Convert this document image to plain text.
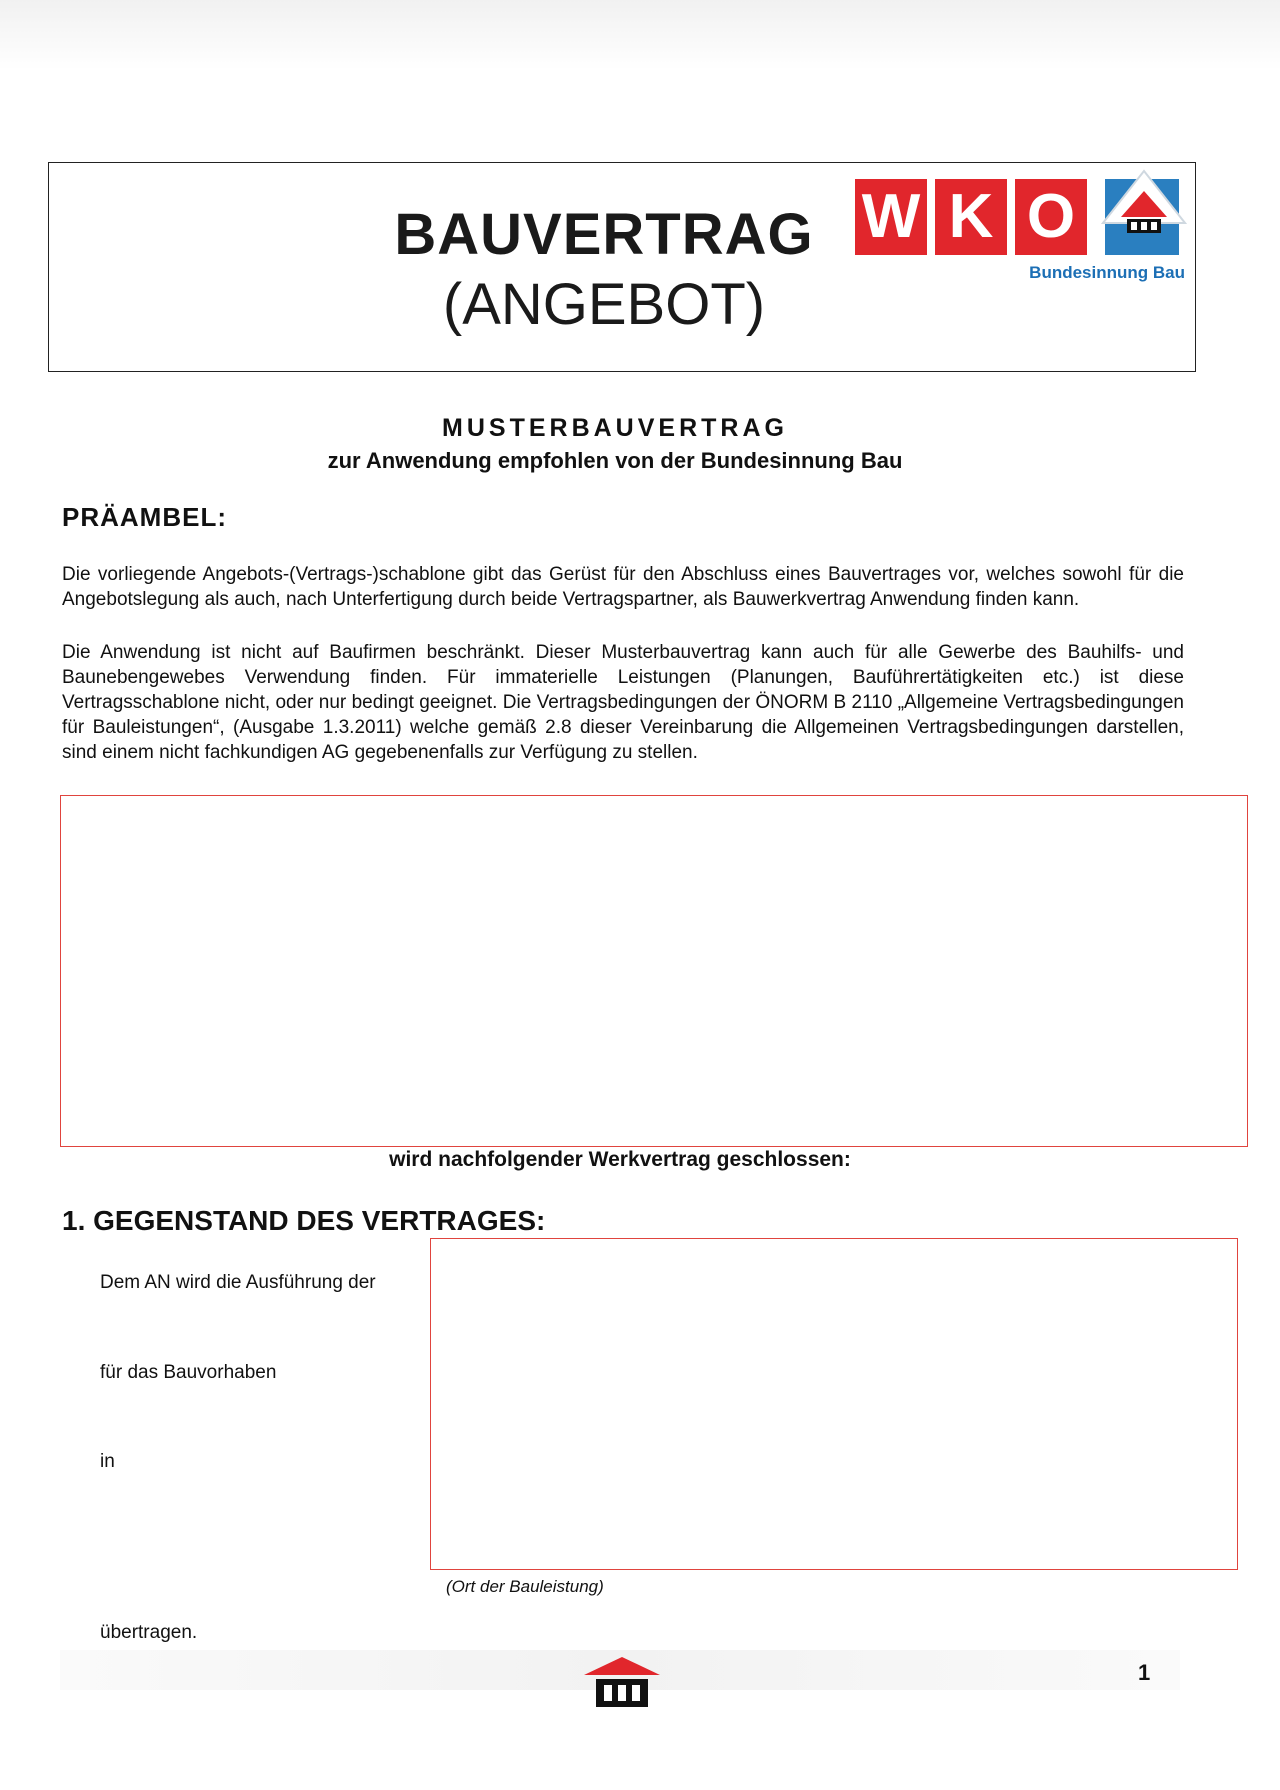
BAUVERTRAG
(ANGEBOT)
W K O
Bundesinnung Bau
MUSTERBAUVERTRAG
zur Anwendung empfohlen von der Bundesinnung Bau
PRÄAMBEL:
Die vorliegende Angebots-(Vertrags-)schablone gibt das Gerüst für den Abschluss eines Bauvertrages vor, welches sowohl für die Angebotslegung als auch, nach Unterfertigung durch beide Vertragspartner, als Bauwerkvertrag Anwendung finden kann.
Die Anwendung ist nicht auf Baufirmen beschränkt. Dieser Musterbauvertrag kann auch für alle Gewerbe des Bauhilfs- und Baunebengewebes Verwendung finden. Für immaterielle Leistungen (Planungen, Bauführertätigkeiten etc.) ist diese Vertragsschablone nicht, oder nur bedingt geeignet. Die Vertragsbedingungen der ÖNORM B 2110 „Allgemeine Vertragsbedingungen für Bauleistungen“, (Ausgabe 1.3.2011) welche gemäß 2.8 dieser Vereinbarung die Allgemeinen Vertragsbedingungen darstellen, sind einem nicht fachkundigen AG gegebenenfalls zur Verfügung zu stellen.
wird nachfolgender Werkvertrag geschlossen:
1. GEGENSTAND DES VERTRAGES:
Dem AN wird die Ausführung der
für das Bauvorhaben
in
(Ort der Bauleistung)
übertragen.
1
